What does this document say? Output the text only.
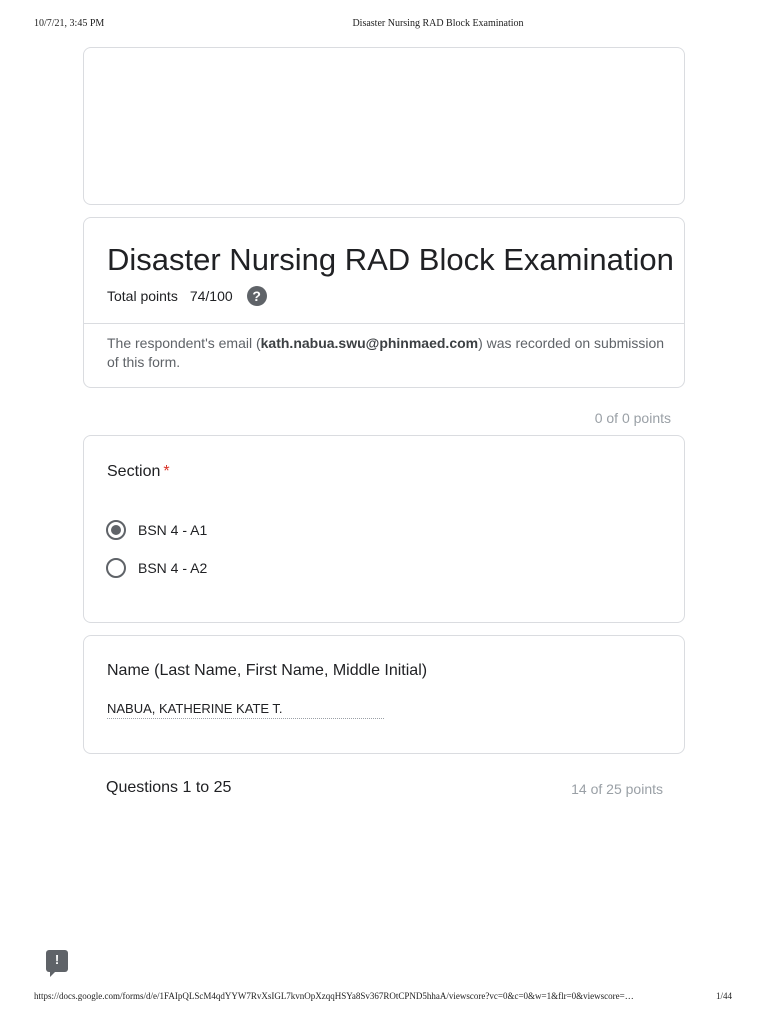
10/7/21, 3:45 PM	Disaster Nursing RAD Block Examination
Disaster Nursing RAD Block Examination
Total points 74/100	?
The respondent's email (kath.nabua.swu@phinmaed.com) was recorded on submission of this form.
0 of 0 points
Section *
BSN 4 - A1
BSN 4 - A2
Name (Last Name, First Name, Middle Initial)
NABUA, KATHERINE KATE T.
Questions 1 to 25	14 of 25 points
!
https://docs.google.com/forms/d/e/1FAIpQLScM4qdYYW7RvXsIGL7kvnOpXzqqHSYa8Sv367ROtCPND5hhaA/viewscore?vc=0&c=0&w=1&flr=0&viewscore=…	1/44
